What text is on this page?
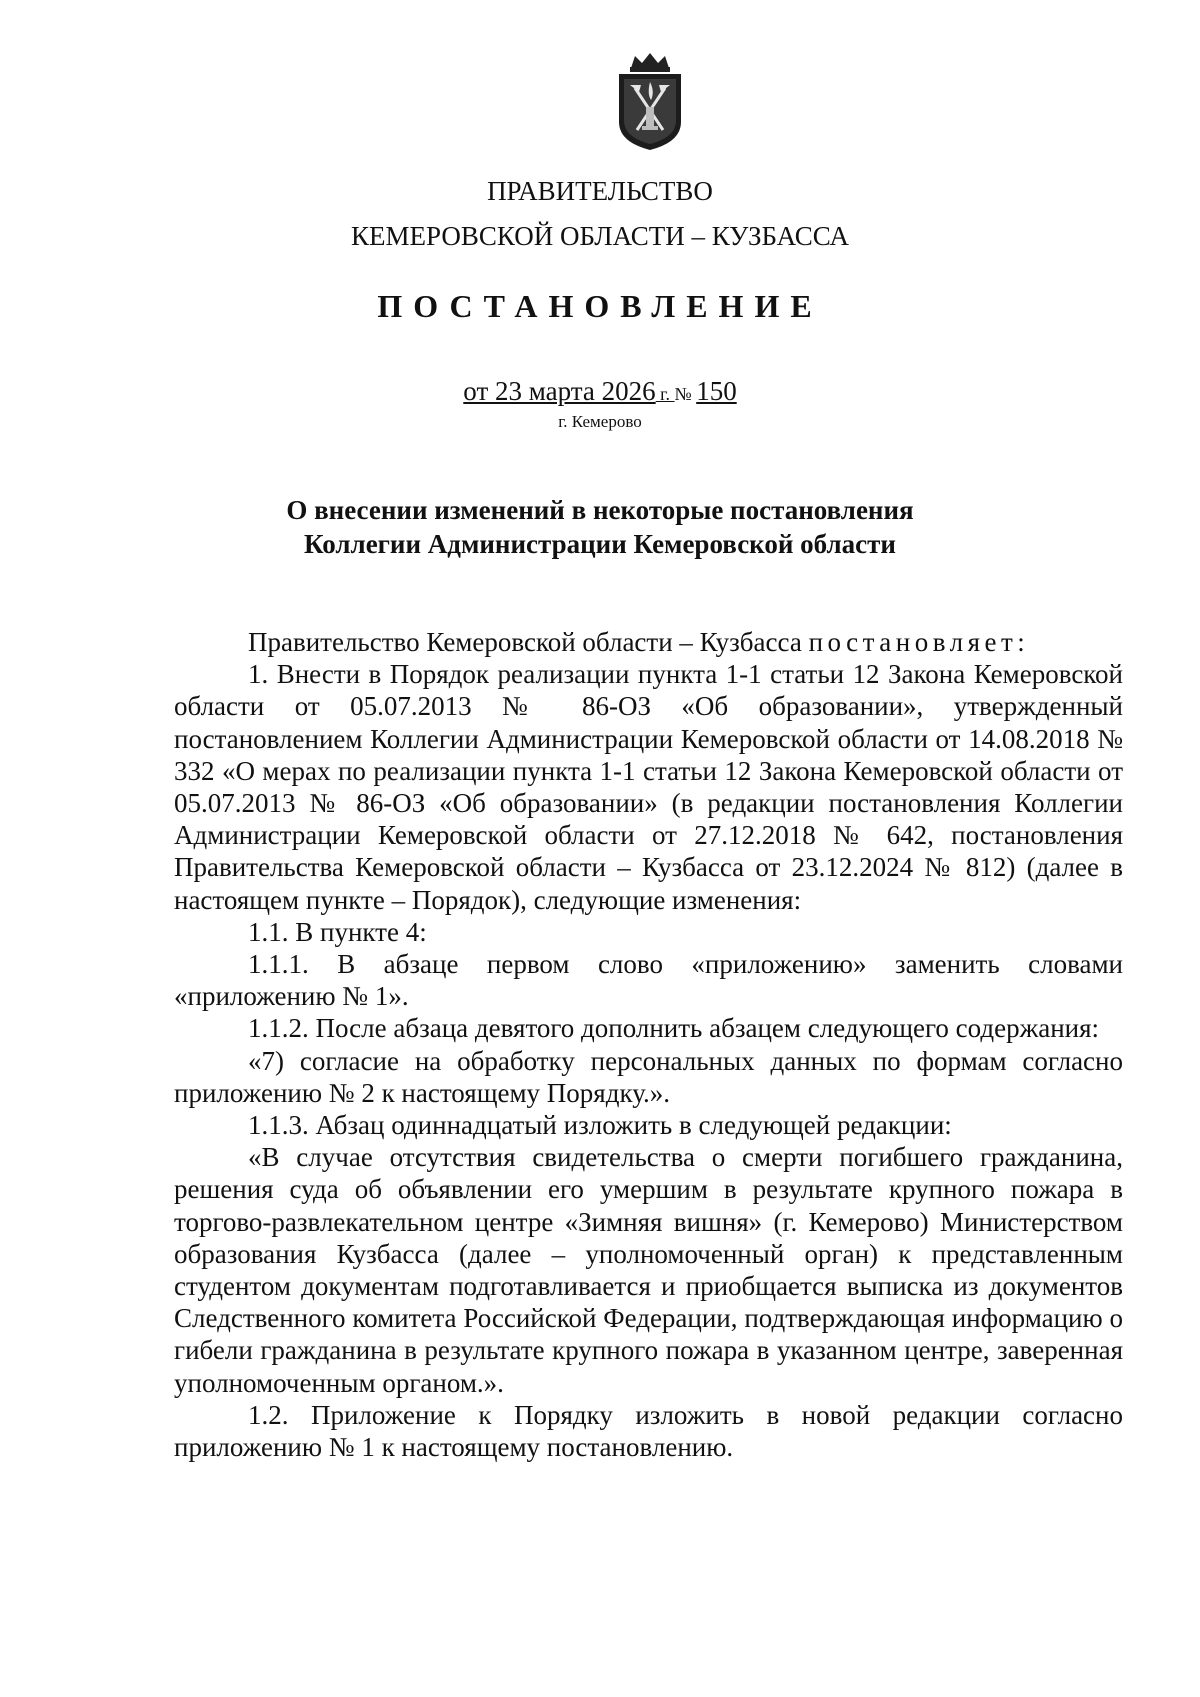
ПРАВИТЕЛЬСТВО
КЕМЕРОВСКОЙ ОБЛАСТИ – КУЗБАССА
ПОСТАНОВЛЕНИЕ
от 23 марта 2026 г. № 150
г. Кемерово
О внесении изменений в некоторые постановления
Коллегии Администрации Кемеровской области

Правительство Кемеровской области – Кузбасса постановляет:

1. Внести в Порядок реализации пункта 1-1 статьи 12 Закона Кемеровской области от 05.07.2013 № 86-ОЗ «Об образовании», утвержденный постановлением Коллегии Администрации Кемеровской области от 14.08.2018 № 332 «О мерах по реализации пункта 1-1 статьи 12 Закона Кемеровской области от 05.07.2013 № 86-ОЗ «Об образовании» (в редакции постановления Коллегии Администрации Кемеровской области от 27.12.2018 № 642, постановления Правительства Кемеровской области – Кузбасса от 23.12.2024 № 812) (далее в настоящем пункте – Порядок), следующие изменения:

1.1. В пункте 4:

1.1.1. В абзаце первом слово «приложению» заменить словами «приложению № 1».

1.1.2. После абзаца девятого дополнить абзацем следующего содержания:

«7) согласие на обработку персональных данных по формам согласно приложению № 2 к настоящему Порядку.».

1.1.3. Абзац одиннадцатый изложить в следующей редакции:

«В случае отсутствия свидетельства о смерти погибшего гражданина, решения суда об объявлении его умершим в результате крупного пожара в торгово-развлекательном центре «Зимняя вишня» (г. Кемерово) Министерством образования Кузбасса (далее – уполномоченный орган) к представленным студентом документам подготавливается и приобщается выписка из документов Следственного комитета Российской Федерации, подтверждающая информацию о гибели гражданина в результате крупного пожара в указанном центре, заверенная уполномоченным органом.».

1.2. Приложение к Порядку изложить в новой редакции согласно приложению № 1 к настоящему постановлению.
